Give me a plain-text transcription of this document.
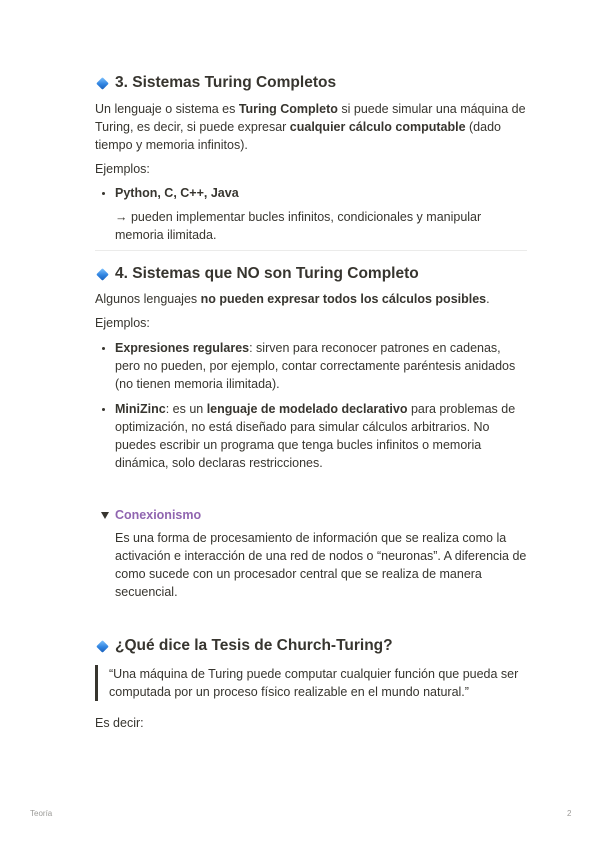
3. Sistemas Turing Completos

Un lenguaje o sistema es Turing Completo si puede simular una máquina de Turing, es decir, si puede expresar cualquier cálculo computable (dado tiempo y memoria infinitos).

Ejemplos:

• Python, C, C++, Java

→ pueden implementar bucles infinitos, condicionales y manipular memoria ilimitada.

4. Sistemas que NO son Turing Completo

Algunos lenguajes no pueden expresar todos los cálculos posibles.

Ejemplos:

• Expresiones regulares: sirven para reconocer patrones en cadenas, pero no pueden, por ejemplo, contar correctamente paréntesis anidados (no tienen memoria ilimitada).
• MiniZinc: es un lenguaje de modelado declarativo para problemas de optimización, no está diseñado para simular cálculos arbitrarios. No puedes escribir un programa que tenga bucles infinitos o memoria dinámica, solo declaras restricciones.
Conexionismo

Es una forma de procesamiento de información que se realiza como la activación e interacción de una red de nodos o “neuronas”. A diferencia de como sucede con un procesador central que se realiza de manera secuencial.

¿Qué dice la Tesis de Church-Turing?

“Una máquina de Turing puede computar cualquier función que pueda ser computada por un proceso físico realizable en el mundo natural.”

Es decir:

Teoría	2
